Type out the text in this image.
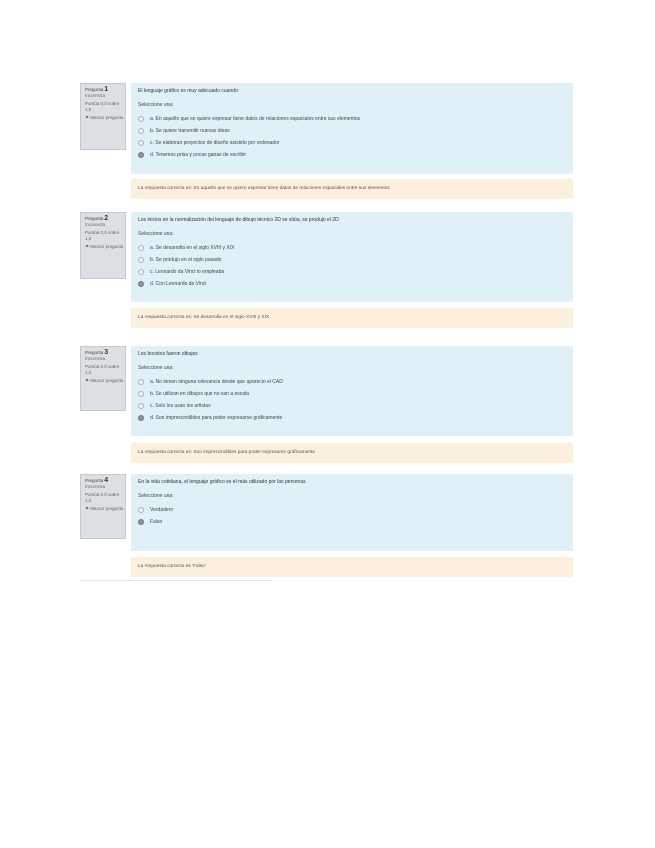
Pregunta1
Incorrecta
Puntúa 0,0 sobre 1,0
⚑ Marcar pregunta
El lenguaje gráfico es muy adecuado cuando:
Seleccione una:
a. En aquello que se quiere expresar tiene datos de relaciones espaciales entre sus elementos
b. Se quiere transmitir nuevas ideas
c. Se elaboran proyectos de diseño asistido por ordenador
d. Tenemos prisa y pocas ganas de escribir
La respuesta correcta es: En aquello que se quiere expresar tiene datos de relaciones espaciales entre sus elementos
Pregunta2
Incorrecta
Puntúa 0,0 sobre 1,0
⚑ Marcar pregunta
Los inicios en la normalización del lenguaje de dibujo técnico 2D se sitúa, se produjo el 2D
Seleccione una:
a. Se desarrolla en el siglo XVIII y XIX
b. Se produjo en el siglo pasado
c. Leonardo da Vinci lo empleaba
d. Con Leonardo da Vinci
La respuesta correcta es: Se desarrolla en el siglo XVIII y XIX
Pregunta3
Incorrecta
Puntúa 0,0 sobre 1,0
⚑ Marcar pregunta
Los bocetos fueron dibujos
Seleccione una:
a. No tienen ninguna relevancia desde que aparecio el CAD
b. Se utilizan en dibujos que no van a escala
c. Solo los usan los artistas
d. Son imprescindibles para poder expresarse gráficamente
La respuesta correcta es: Son imprescindibles para poder expresarse gráficamente
Pregunta4
Incorrecta
Puntúa 0,0 sobre 1,0
⚑ Marcar pregunta
En la vida cotidiana, el lenguaje gráfico es el más utilizado por las personas
Seleccione una:
Verdadero
Falso
La respuesta correcta es 'Falso'
